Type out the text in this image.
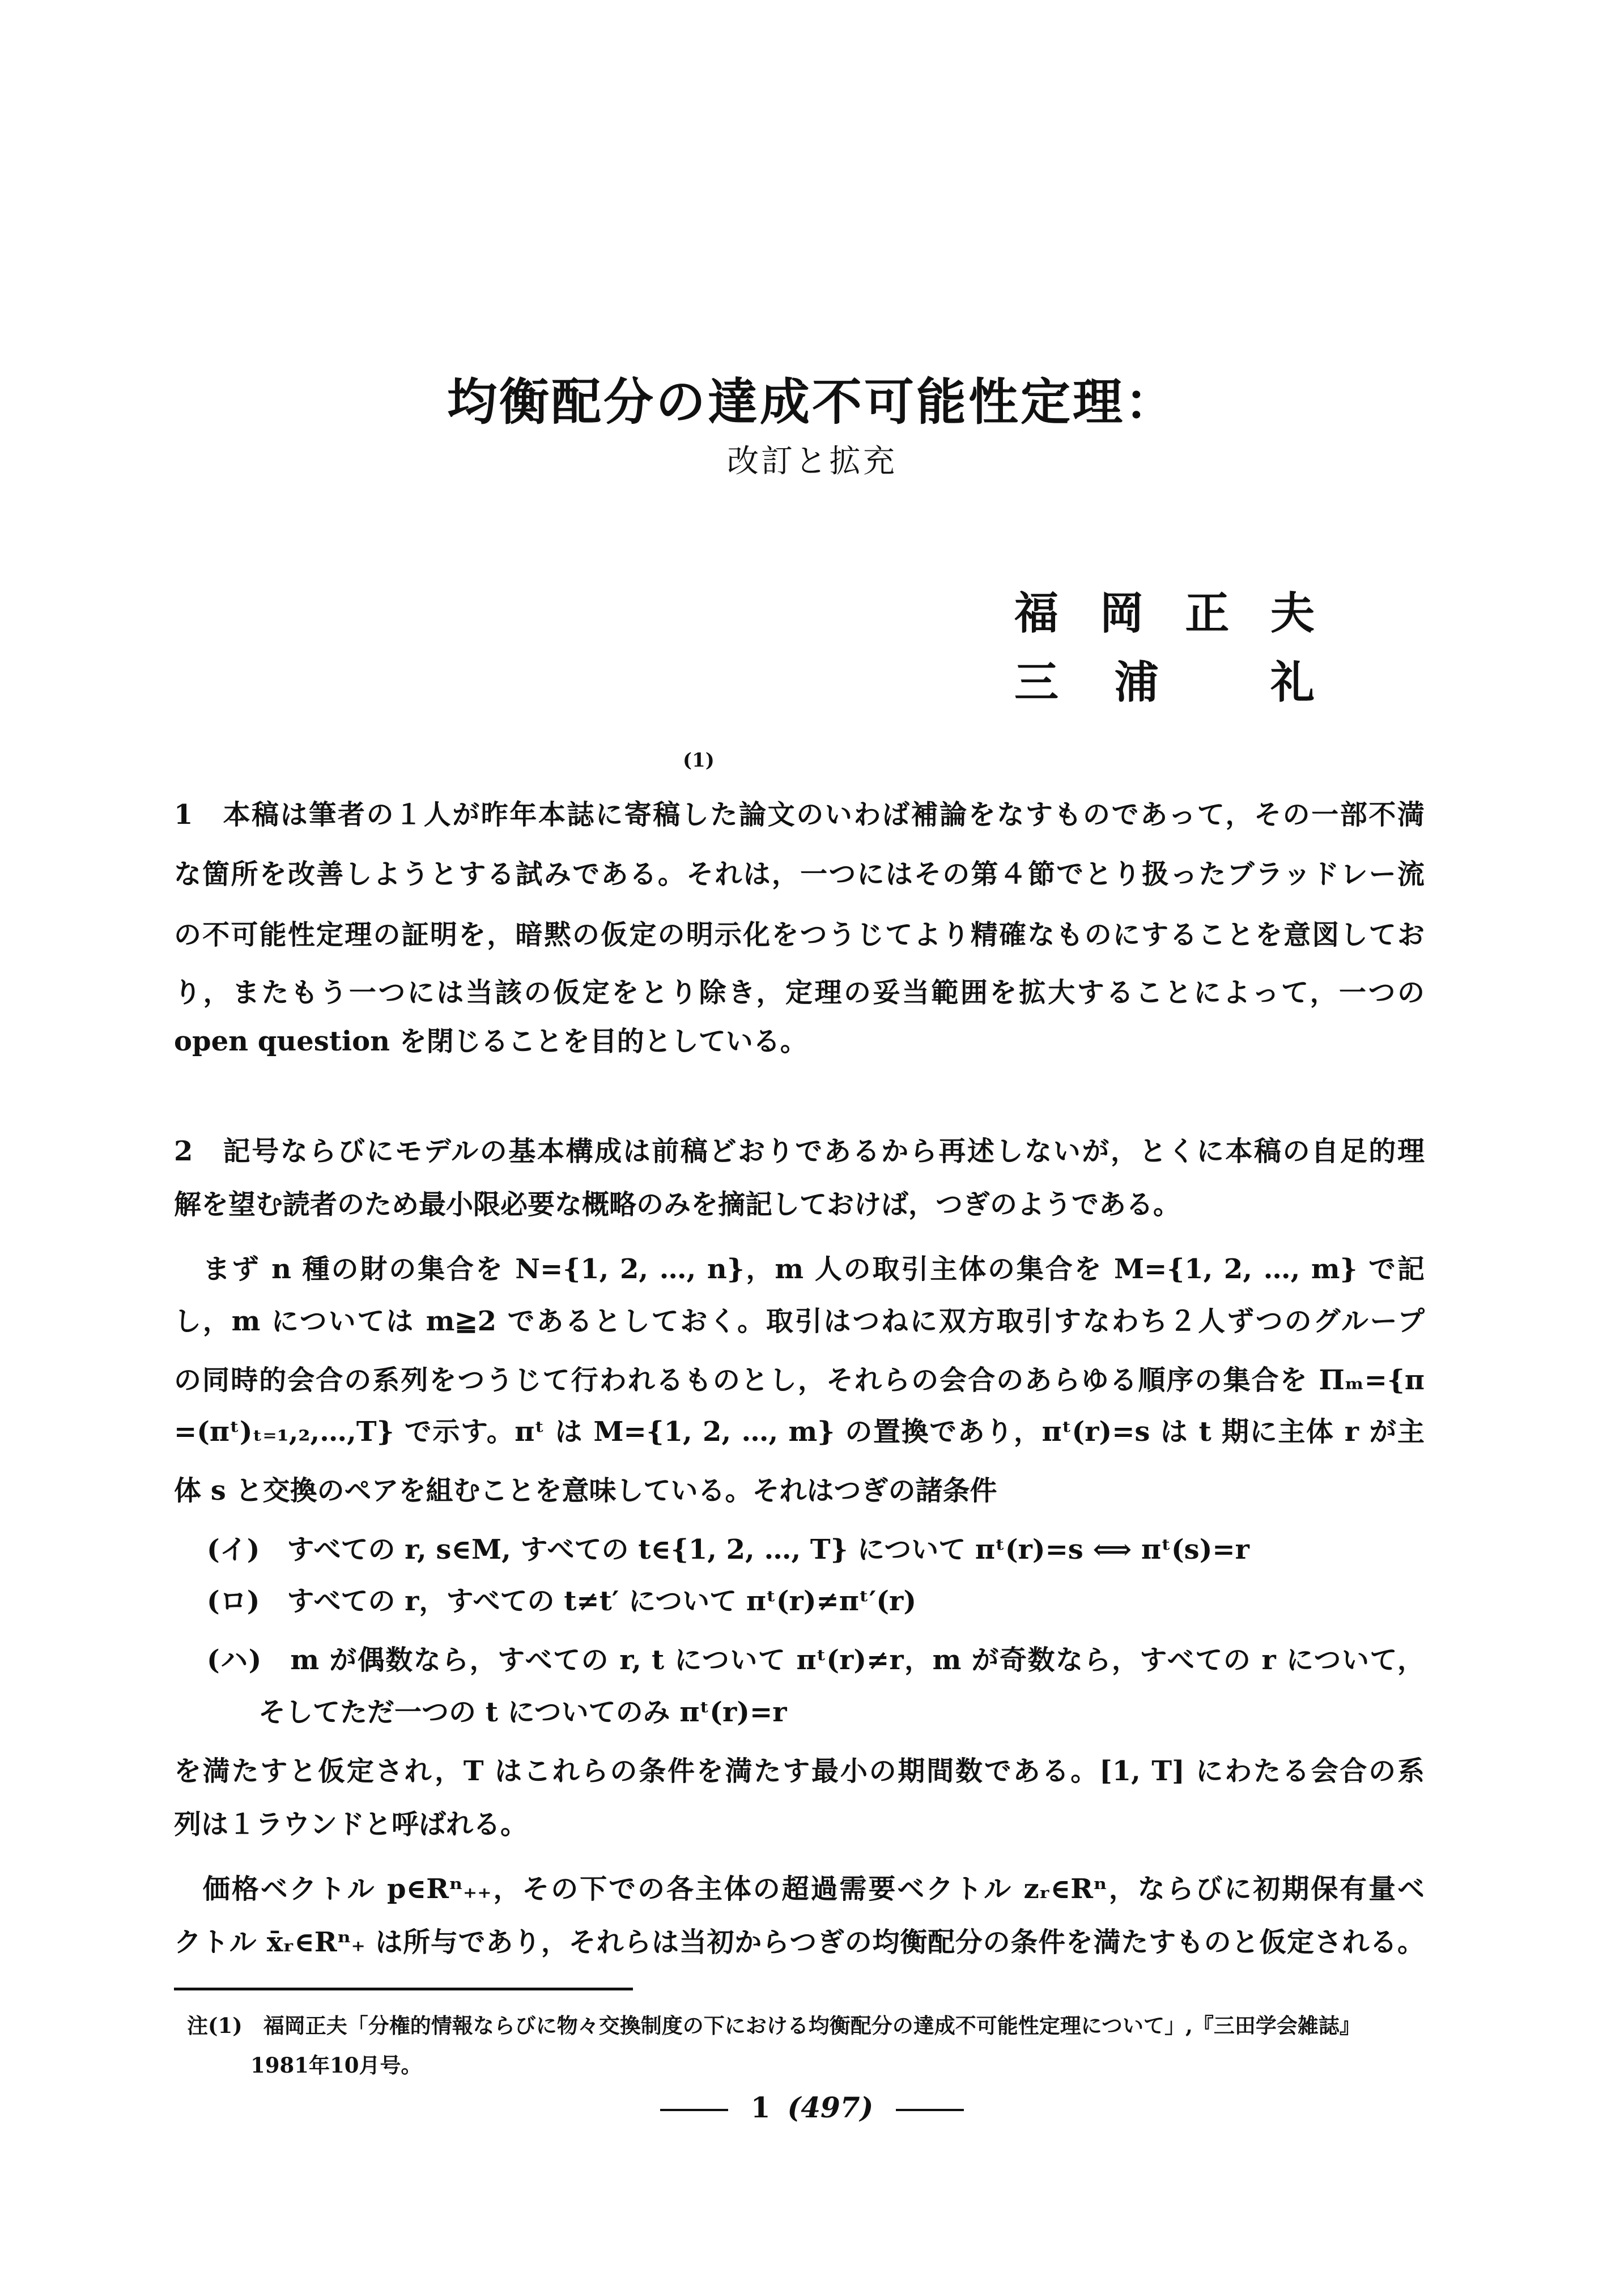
均衡配分の達成不可能性定理：
改訂と拡充
福 岡 正 夫
三 浦	礼
(1)
1　本稿は筆者の１人が昨年本誌に寄稿した論文のいわば補論をなすものであって，その一部不満
な箇所を改善しようとする試みである。それは，一つにはその第４節でとり扱ったブラッドレー流
の不可能性定理の証明を，暗黙の仮定の明示化をつうじてより精確なものにすることを意図してお
り，またもう一つには当該の仮定をとり除き，定理の妥当範囲を拡大することによって，一つの
open question を閉じることを目的としている。
2　記号ならびにモデルの基本構成は前稿どおりであるから再述しないが，とくに本稿の自足的理
解を望む読者のため最小限必要な概略のみを摘記しておけば，つぎのようである。
　まず n 種の財の集合を N={1, 2, …, n}，m 人の取引主体の集合を M={1, 2, …, m} で記
し，m については m≧2 であるとしておく。取引はつねに双方取引すなわち２人ずつのグループ
の同時的会合の系列をつうじて行われるものとし，それらの会合のあらゆる順序の集合を Πₘ={π
=(πᵗ)ₜ₌₁,₂,…,T} で示す。πᵗ は M={1, 2, …, m} の置換であり，πᵗ(r)=s は t 期に主体 r が主
体 s と交換のペアを組むことを意味している。それはつぎの諸条件
(イ)　すべての r, s∈M, すべての t∈{1, 2, …, T} について πᵗ(r)=s ⟺ πᵗ(s)=r
(ロ)　すべての r，すべての t≠t′ について πᵗ(r)≠πᵗ′(r)
(ハ)　m が偶数なら，すべての r, t について πᵗ(r)≠r，m が奇数なら，すべての r について，
そしてただ一つの t についてのみ πᵗ(r)=r
を満たすと仮定され，T はこれらの条件を満たす最小の期間数である。[1, T] にわたる会合の系
列は１ラウンドと呼ばれる。
　価格ベクトル p∈Rⁿ₊₊，その下での各主体の超過需要ベクトル zᵣ∈Rⁿ，ならびに初期保有量ベ
クトル x̄ᵣ∈Rⁿ₊ は所与であり，それらは当初からつぎの均衡配分の条件を満たすものと仮定される。
注(1)　福岡正夫「分権的情報ならびに物々交換制度の下における均衡配分の達成不可能性定理について」,『三田学会雑誌』
1981年10月号。
1 (497)
